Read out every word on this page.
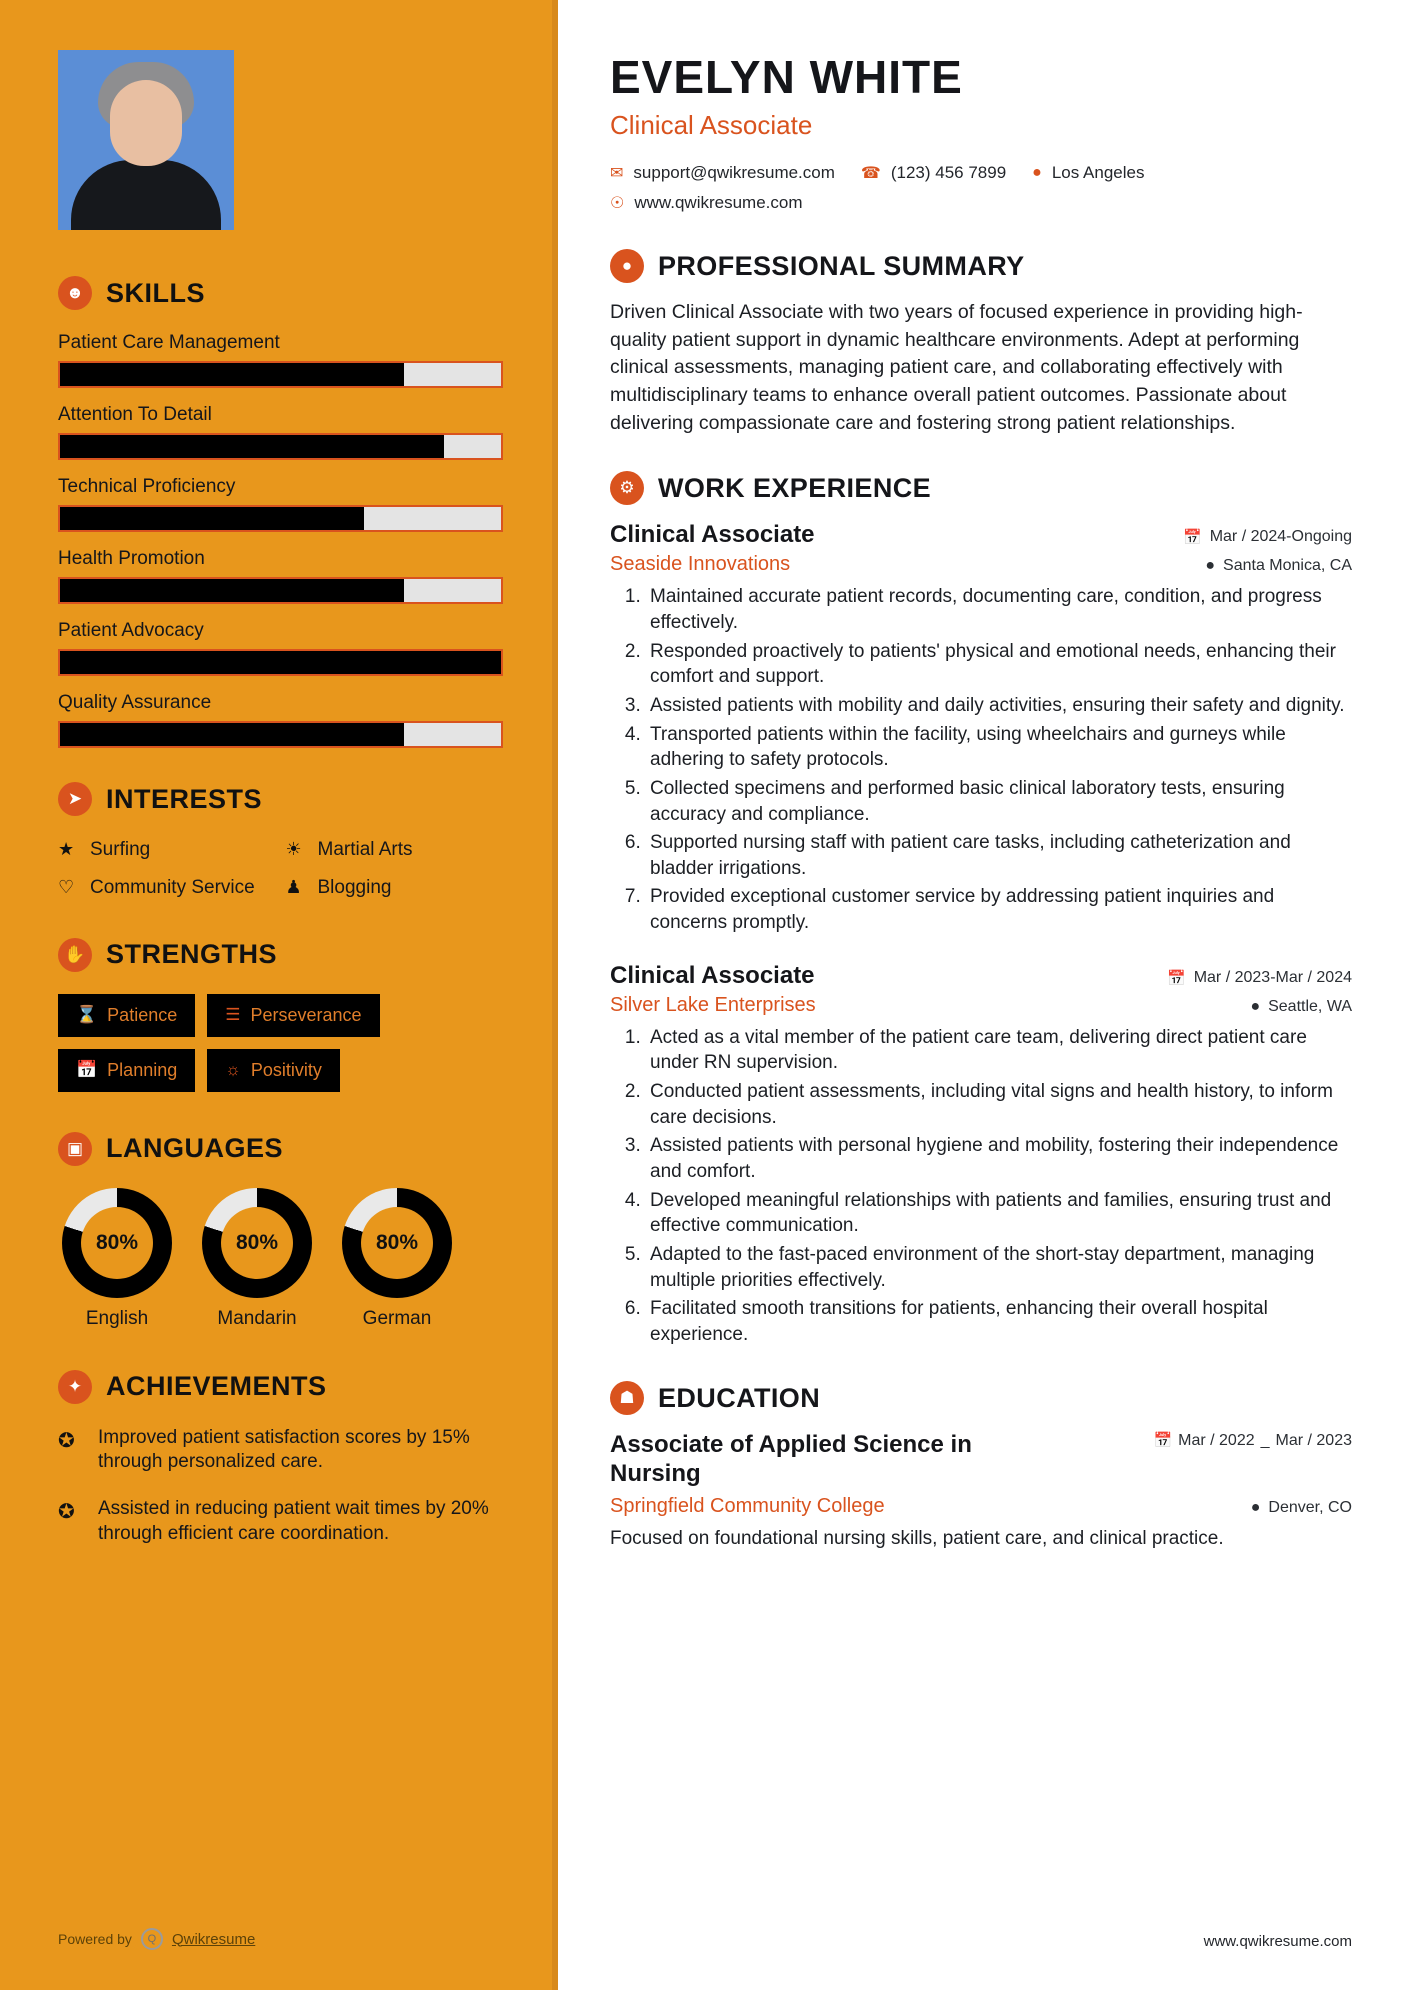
☻ SKILLS
Patient Care Management
Attention To Detail
Technical Proficiency
Health Promotion
Patient Advocacy
Quality Assurance
➤ INTERESTS
★ Surfing	☀ Martial Arts
♡ Community Service ♟ Blogging
✋ STRENGTHS
⌛ Patience	☰ Perseverance
📅 Planning	☼ Positivity
▣ LANGUAGES
80%
English
80%
Mandarin
80%
German
✦ ACHIEVEMENTS
✪	Improved patient satisfaction scores by 15% through personalized care.

✪	Assisted in reducing patient wait times by 20% through efficient care coordination.

Powered by	Q	Qwikresume
EVELYN WHITE
Clinical Associate
✉ support@qwikresume.com ☎ (123) 456 7899 ● Los Angeles
☉ www.qwikresume.com
● PROFESSIONAL SUMMARY

Driven Clinical Associate with two years of focused experience in providing high-quality patient support in dynamic healthcare environments. Adept at performing clinical assessments, managing patient care, and collaborating effectively with multidisciplinary teams to enhance overall patient outcomes. Passionate about delivering compassionate care and fostering strong patient relationships.

⚙ WORK EXPERIENCE
Clinical Associate	📅 Mar / 2024-Ongoing
Seaside Innovations	● Santa Monica, CA
1. Maintained accurate patient records, documenting care, condition, and progress effectively.
2. Responded proactively to patients' physical and emotional needs, enhancing their comfort and support.
3. Assisted patients with mobility and daily activities, ensuring their safety and dignity.
4. Transported patients within the facility, using wheelchairs and gurneys while adhering to safety protocols.
5. Collected specimens and performed basic clinical laboratory tests, ensuring accuracy and compliance.
6. Supported nursing staff with patient care tasks, including catheterization and bladder irrigations.
7. Provided exceptional customer service by addressing patient inquiries and concerns promptly.
Clinical Associate	📅 Mar / 2023-Mar / 2024
Silver Lake Enterprises	● Seattle, WA
1. Acted as a vital member of the patient care team, delivering direct patient care under RN supervision.
2. Conducted patient assessments, including vital signs and health history, to inform care decisions.
3. Assisted patients with personal hygiene and mobility, fostering their independence and comfort.
4. Developed meaningful relationships with patients and families, ensuring trust and effective communication.
5. Adapted to the fast-paced environment of the short-stay department, managing multiple priorities effectively.
6. Facilitated smooth transitions for patients, enhancing their overall hospital experience.
☗ EDUCATION
Associate of Applied Science in Nursing
📅 Mar / 2022 _ Mar / 2023
Springfield Community College	● Denver, CO

Focused on foundational nursing skills, patient care, and clinical practice.

www.qwikresume.com
